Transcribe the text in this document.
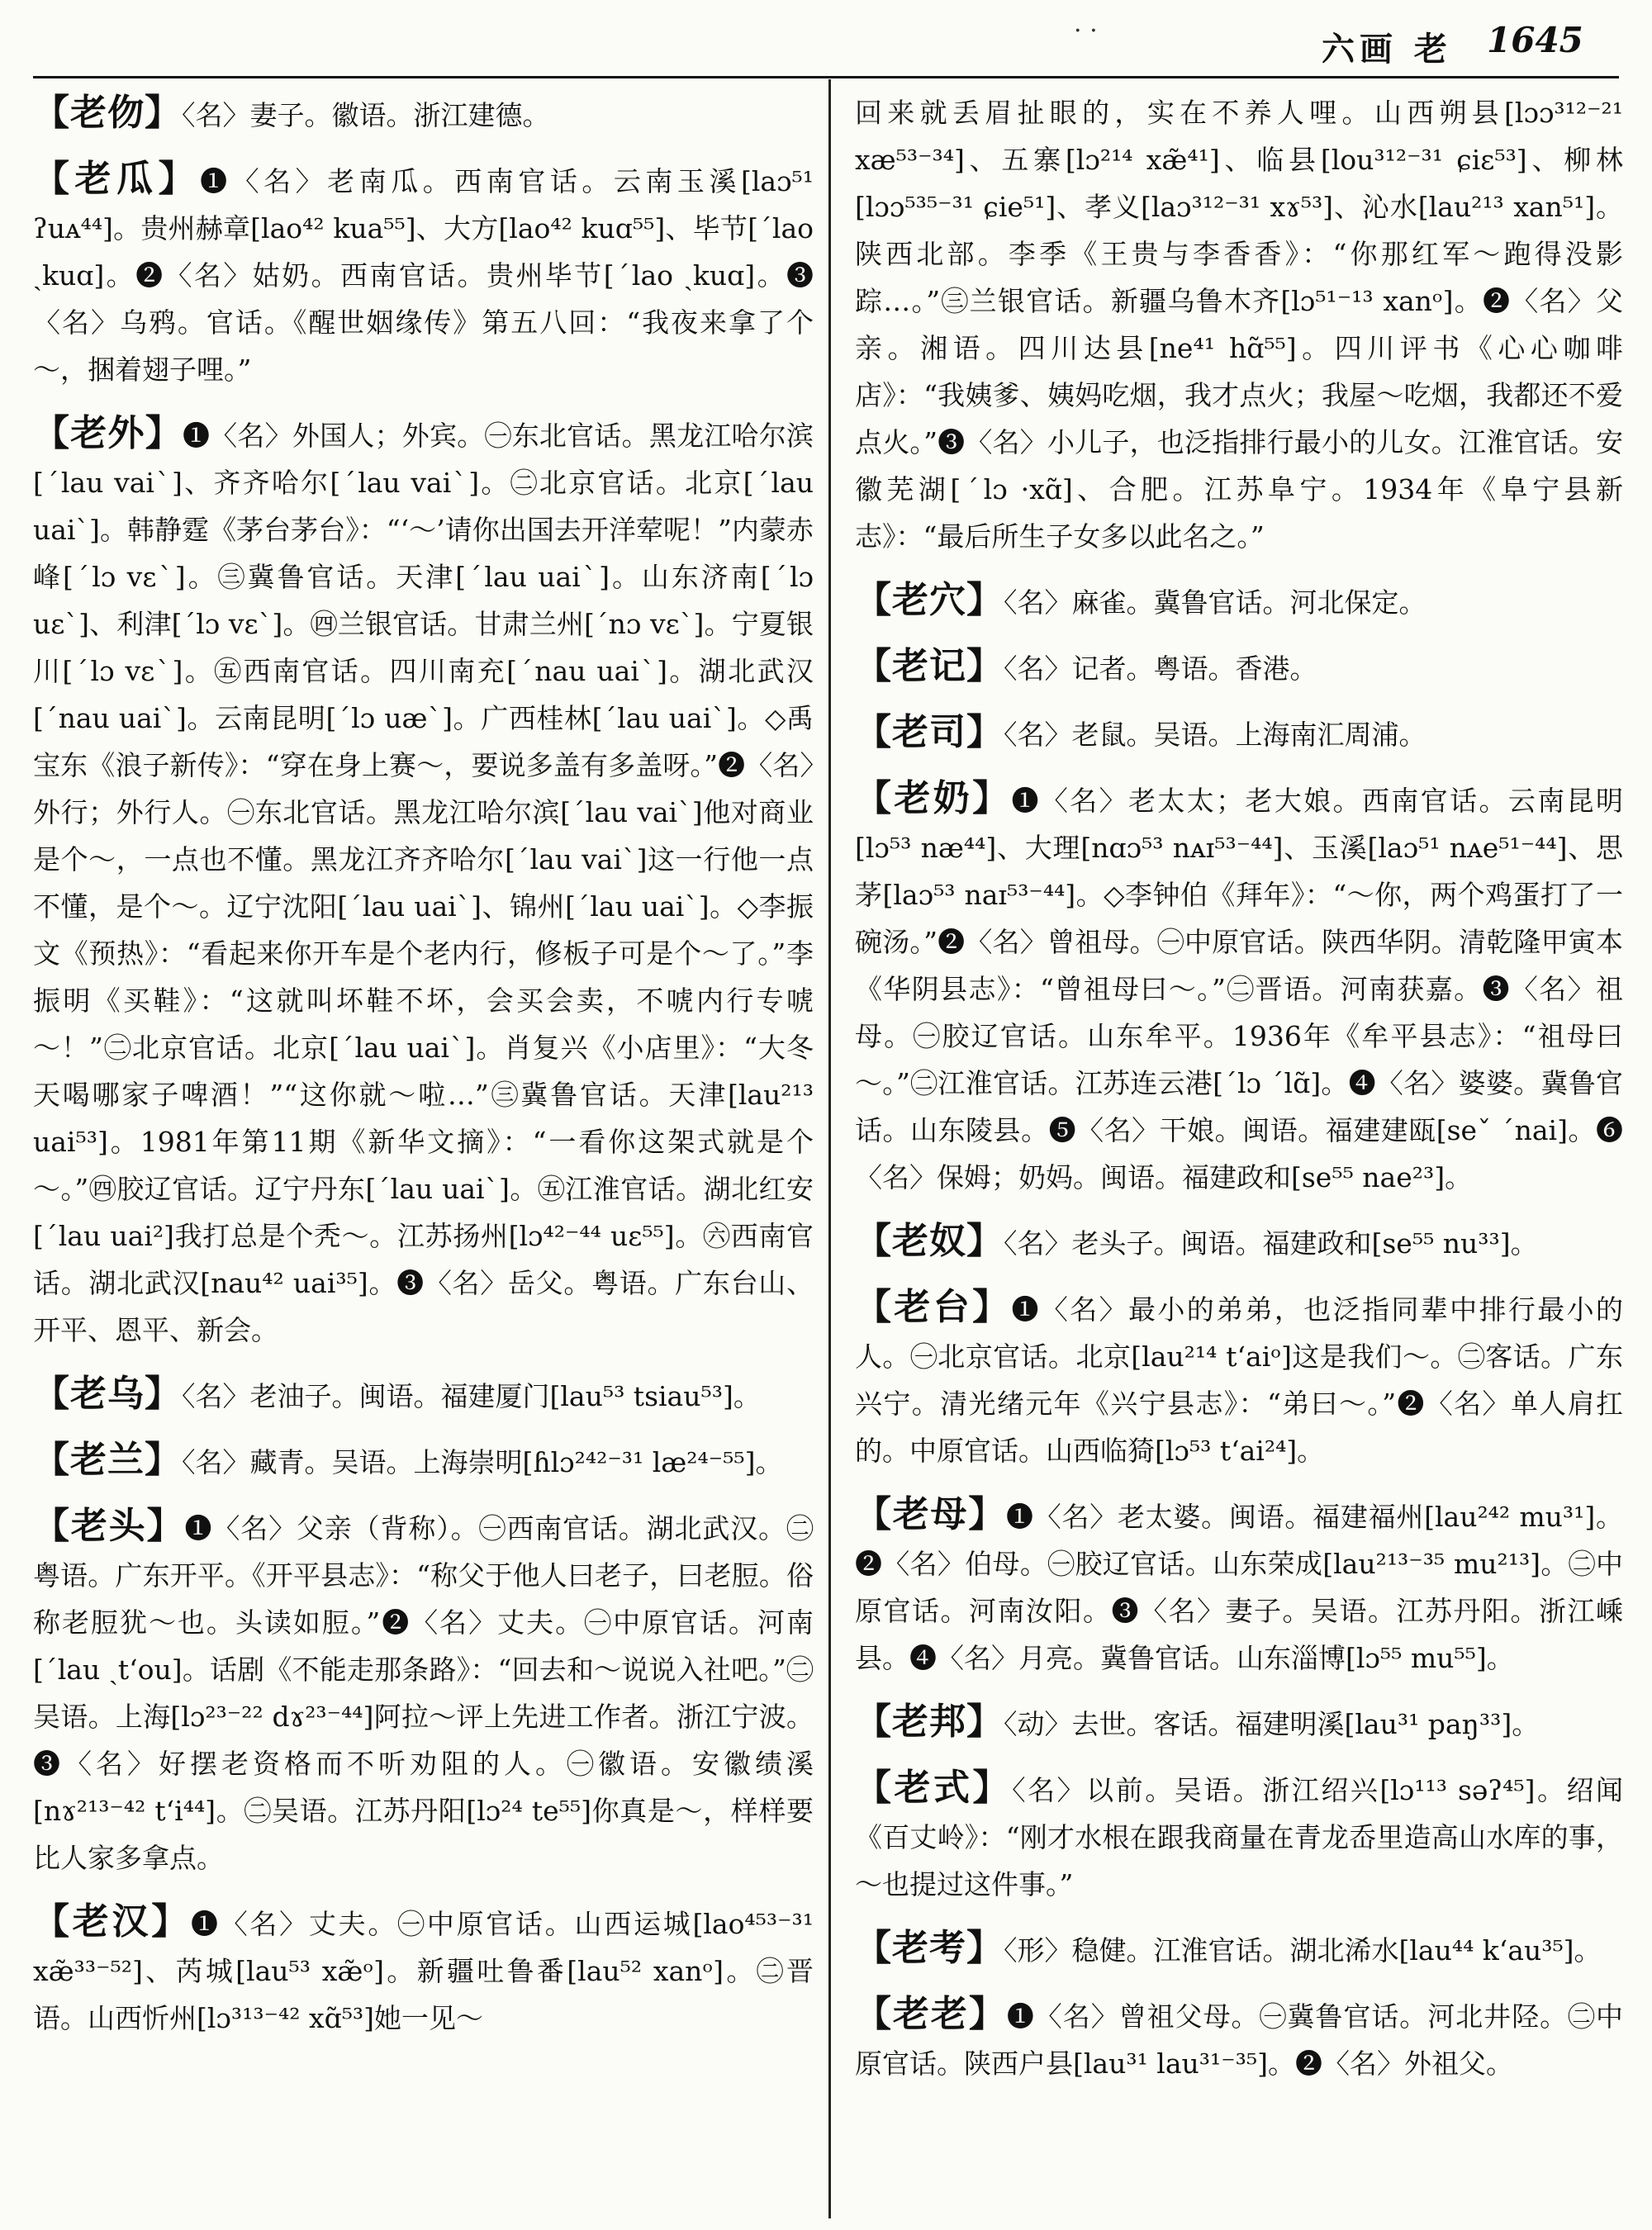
· ·	六画 老 1645

【老伆】〈名〉妻子。徽语。浙江建德。

【老瓜】❶〈名〉老南瓜。西南官话。云南玉溪[laɔ⁵¹ ʔuᴀ⁴⁴]。贵州赫章[lao⁴² kua⁵⁵]、大方[lao⁴² kuɑ⁵⁵]、毕节[ˊlao ˎkuɑ]。❷〈名〉姑奶。西南官话。贵州毕节[ˊlao ˎkuɑ]。❸〈名〉乌鸦。官话。《醒世姻缘传》第五八回：“我夜来拿了个～，捆着翅子哩。”

【老外】❶〈名〉外国人；外宾。㊀东北官话。黑龙江哈尔滨[ˊlau vaiˋ]、齐齐哈尔[ˊlau vaiˋ]。㊁北京官话。北京[ˊlau uaiˋ]。韩静霆《茅台茅台》：“‘～’请你出国去开洋荤呢！”内蒙赤峰[ˊlɔ vɛˋ]。㊂冀鲁官话。天津[ˊlau uaiˋ]。山东济南[ˊlɔ uɛˋ]、利津[ˊlɔ vɛˋ]。㊃兰银官话。甘肃兰州[ˊnɔ vɛˋ]。宁夏银川[ˊlɔ vɛˋ]。㊄西南官话。四川南充[ˊnau uaiˋ]。湖北武汉[ˊnau uaiˋ]。云南昆明[ˊlɔ uæˋ]。广西桂林[ˊlau uaiˋ]。◇禹宝东《浪子新传》：“穿在身上赛～，要说多盖有多盖呀。”❷〈名〉外行；外行人。㊀东北官话。黑龙江哈尔滨[ˊlau vaiˋ]他对商业是个～，一点也不懂。黑龙江齐齐哈尔[ˊlau vaiˋ]这一行他一点不懂，是个～。辽宁沈阳[ˊlau uaiˋ]、锦州[ˊlau uaiˋ]。◇李振文《预热》：“看起来你开车是个老内行，修板子可是个～了。”李振明《买鞋》：“这就叫坏鞋不坏，会买会卖，不唬内行专唬～！”㊁北京官话。北京[ˊlau uaiˋ]。肖复兴《小店里》：“大冬天喝哪家子啤酒！”“这你就～啦…”㊂冀鲁官话。天津[lau²¹³ uai⁵³]。1981年第11期《新华文摘》：“一看你这架式就是个～。”㊃胶辽官话。辽宁丹东[ˊlau uaiˋ]。㊄江淮官话。湖北红安[ˊlau uai²]我打总是个秃～。江苏扬州[lɔ⁴²⁻⁴⁴ uɛ⁵⁵]。㊅西南官话。湖北武汉[nau⁴² uai³⁵]。❸〈名〉岳父。粤语。广东台山、开平、恩平、新会。

【老乌】〈名〉老油子。闽语。福建厦门[lau⁵³ tsiau⁵³]。

【老兰】〈名〉藏青。吴语。上海崇明[ɦlɔ²⁴²⁻³¹ læ²⁴⁻⁵⁵]。

【老头】❶〈名〉父亲（背称）。㊀西南官话。湖北武汉。㊁粤语。广东开平。《开平县志》：“称父于他人曰老子，曰老脰。俗称老脰犹～也。头读如脰。”❷〈名〉丈夫。㊀中原官话。河南[ˊlau ˏtʻou]。话剧《不能走那条路》：“回去和～说说入社吧。”㊁吴语。上海[lɔ²³⁻²² dɤ²³⁻⁴⁴]阿拉～评上先进工作者。浙江宁波。❸〈名〉好摆老资格而不听劝阻的人。㊀徽语。安徽绩溪[nɤ²¹³⁻⁴² tʻi⁴⁴]。㊁吴语。江苏丹阳[lɔ²⁴ te⁵⁵]你真是～，样样要比人家多拿点。

【老汉】❶〈名〉丈夫。㊀中原官话。山西运城[lao⁴⁵³⁻³¹ xæ̃³³⁻⁵²]、芮城[lau⁵³ xæ̃ᵒ]。新疆吐鲁番[lau⁵² xanᵒ]。㊁晋语。山西忻州[lɔ³¹³⁻⁴² xɑ̃⁵³]她一见～

回来就丢眉扯眼的，实在不养人哩。山西朔县[lɔɔ³¹²⁻²¹ xæ⁵³⁻³⁴]、五寨[lɔ²¹⁴ xæ̃⁴¹]、临县[lou³¹²⁻³¹ ɕiɛ⁵³]、柳林[lɔɔ⁵³⁵⁻³¹ ɕie⁵¹]、孝义[laɔ³¹²⁻³¹ xɤ⁵³]、沁水[lau²¹³ xan⁵¹]。陕西北部。李季《王贵与李香香》：“你那红军～跑得没影踪…。”㊂兰银官话。新疆乌鲁木齐[lɔ⁵¹⁻¹³ xanᵒ]。❷〈名〉父亲。湘语。四川达县[ne⁴¹ hɑ̃⁵⁵]。四川评书《心心咖啡店》：“我姨爹、姨妈吃烟，我才点火；我屋～吃烟，我都还不爱点火。”❸〈名〉小儿子，也泛指排行最小的儿女。江淮官话。安徽芜湖[ˊlɔ ·xɑ̃]、合肥。江苏阜宁。1934年《阜宁县新志》：“最后所生子女多以此名之。”

【老穴】〈名〉麻雀。冀鲁官话。河北保定。

【老记】〈名〉记者。粤语。香港。

【老司】〈名〉老鼠。吴语。上海南汇周浦。

【老奶】❶〈名〉老太太；老大娘。西南官话。云南昆明[lɔ⁵³ næ⁴⁴]、大理[nɑɔ⁵³ nᴀɪ⁵³⁻⁴⁴]、玉溪[laɔ⁵¹ nᴀe⁵¹⁻⁴⁴]、思茅[laɔ⁵³ naɪ⁵³⁻⁴⁴]。◇李钟伯《拜年》：“～你，两个鸡蛋打了一碗汤。”❷〈名〉曾祖母。㊀中原官话。陕西华阴。清乾隆甲寅本《华阴县志》：“曾祖母曰～。”㊁晋语。河南获嘉。❸〈名〉祖母。㊀胶辽官话。山东牟平。1936年《牟平县志》：“祖母曰～。”㊁江淮官话。江苏连云港[ˊlɔ ˊlɑ̃]。❹〈名〉婆婆。冀鲁官话。山东陵县。❺〈名〉干娘。闽语。福建建瓯[seˇ ˊnai]。❻〈名〉保姆；奶妈。闽语。福建政和[se⁵⁵ nae²³]。

【老奴】〈名〉老头子。闽语。福建政和[se⁵⁵ nu³³]。

【老台】❶〈名〉最小的弟弟，也泛指同辈中排行最小的人。㊀北京官话。北京[lau²¹⁴ tʻaiᵒ]这是我们～。㊁客话。广东兴宁。清光绪元年《兴宁县志》：“弟曰～。”❷〈名〉单人肩扛的。中原官话。山西临猗[lɔ⁵³ tʻai²⁴]。

【老母】❶〈名〉老太婆。闽语。福建福州[lau²⁴² mu³¹]。❷〈名〉伯母。㊀胶辽官话。山东荣成[lau²¹³⁻³⁵ mu²¹³]。㊁中原官话。河南汝阳。❸〈名〉妻子。吴语。江苏丹阳。浙江嵊县。❹〈名〉月亮。冀鲁官话。山东淄博[lɔ⁵⁵ mu⁵⁵]。

【老邦】〈动〉去世。客话。福建明溪[lau³¹ paŋ³³]。

【老式】〈名〉以前。吴语。浙江绍兴[lɔ¹¹³ səʔ⁴⁵]。绍闻《百丈岭》：“刚才水根在跟我商量在青龙岙里造高山水库的事，～也提过这件事。”

【老考】〈形〉稳健。江淮官话。湖北浠水[lau⁴⁴ kʻau³⁵]。

【老老】❶〈名〉曾祖父母。㊀冀鲁官话。河北井陉。㊁中原官话。陕西户县[lau³¹ lau³¹⁻³⁵]。❷〈名〉外祖父。
